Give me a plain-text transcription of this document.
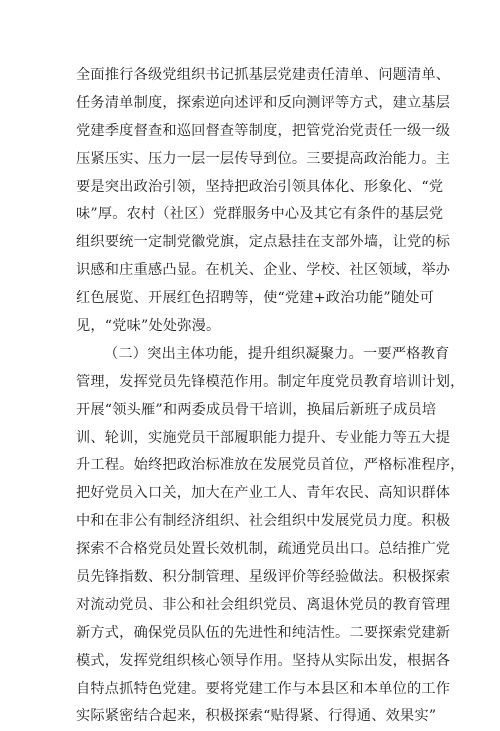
全 面 推 行 各 级 党 组 织 书 记 抓 基 层 党 建 责 任 清 单 、 问 题 清 单 、
任 务 清 单 制 度 ， 探 索 逆 向 述 评 和 反 向 测 评 等 方 式 ， 建 立 基 层
党 建 季 度 督 查 和 巡 回 督 查 等 制 度 ， 把 管 党 治 党 责 任 一 级 一 级
压 紧 压 实 、 压 力 一 层 一 层 传 导 到 位 。 三 要 提 高 政 治 能 力 。 主
要 是 突 出 政 治 引 领 ， 坚 持 把 政 治 引 领 具 体 化 、 形 象 化 、 “ 党
味 ” 厚 。 农 村 （ 社 区 ） 党 群 服 务 中 心 及 其 它 有 条 件 的 基 层 党
组 织 要 统 一 定 制 党 徽 党 旗 ， 定 点 悬 挂 在 支 部 外 墙 ， 让 党 的 标
识 感 和 庄 重 感 凸 显 。 在 机 关 、 企 业 、 学 校 、 社 区 领 域 ， 举 办
红 色 展 览 、 开 展 红 色 招 聘 等 ， 使 “ 党 建 + 政 治 功 能 ” 随 处 可
见，“党味”处处弥漫。
（ 二 ） 突 出 主 体 功 能 ， 提 升 组 织 凝 聚 力 。 一 要 严 格 教 育
管 理 ， 发 挥 党 员 先 锋 模 范 作 用 。 制 定 年 度 党 员 教 育 培 训 计 划 ，
开 展 “ 领 头 雁 ” 和 两 委 成 员 骨 干 培 训 ， 换 届 后 新 班 子 成 员 培
训 、 轮 训 ， 实 施 党 员 干 部 履 职 能 力 提 升 、 专 业 能 力 等 五 大 提
升 工 程 。 始 终 把 政 治 标 准 放 在 发 展 党 员 首 位 ， 严 格 标 准 程 序 ，
把 好 党 员 入 口 关 ， 加 大 在 产 业 工 人 、 青 年 农 民 、 高 知 识 群 体
中 和 在 非 公 有 制 经 济 组 织 、 社 会 组 织 中 发 展 党 员 力 度 。 积 极
探 索 不 合 格 党 员 处 置 长 效 机 制 ， 疏 通 党 员 出 口 。 总 结 推 广 党
员 先 锋 指 数 、 积 分 制 管 理 、 星 级 评 价 等 经 验 做 法 。 积 极 探 索
对 流 动 党 员 、 非 公 和 社 会 组 织 党 员 、 离 退 休 党 员 的 教 育 管 理
新 方 式 ， 确 保 党 员 队 伍 的 先 进 性 和 纯 洁 性 。 二 要 探 索 党 建 新
模 式 ， 发 挥 党 组 织 核 心 领 导 作 用 。 坚 持 从 实 际 出 发 ， 根 据 各
自 特 点 抓 特 色 党 建 。 要 将 党 建 工 作 与 本 县 区 和 本 单 位 的 工 作
实 际 紧 密 结 合 起 来 ， 积 极 探 索 “ 贴 得 紧 、 行 得 通 、 效 果 实 ”
